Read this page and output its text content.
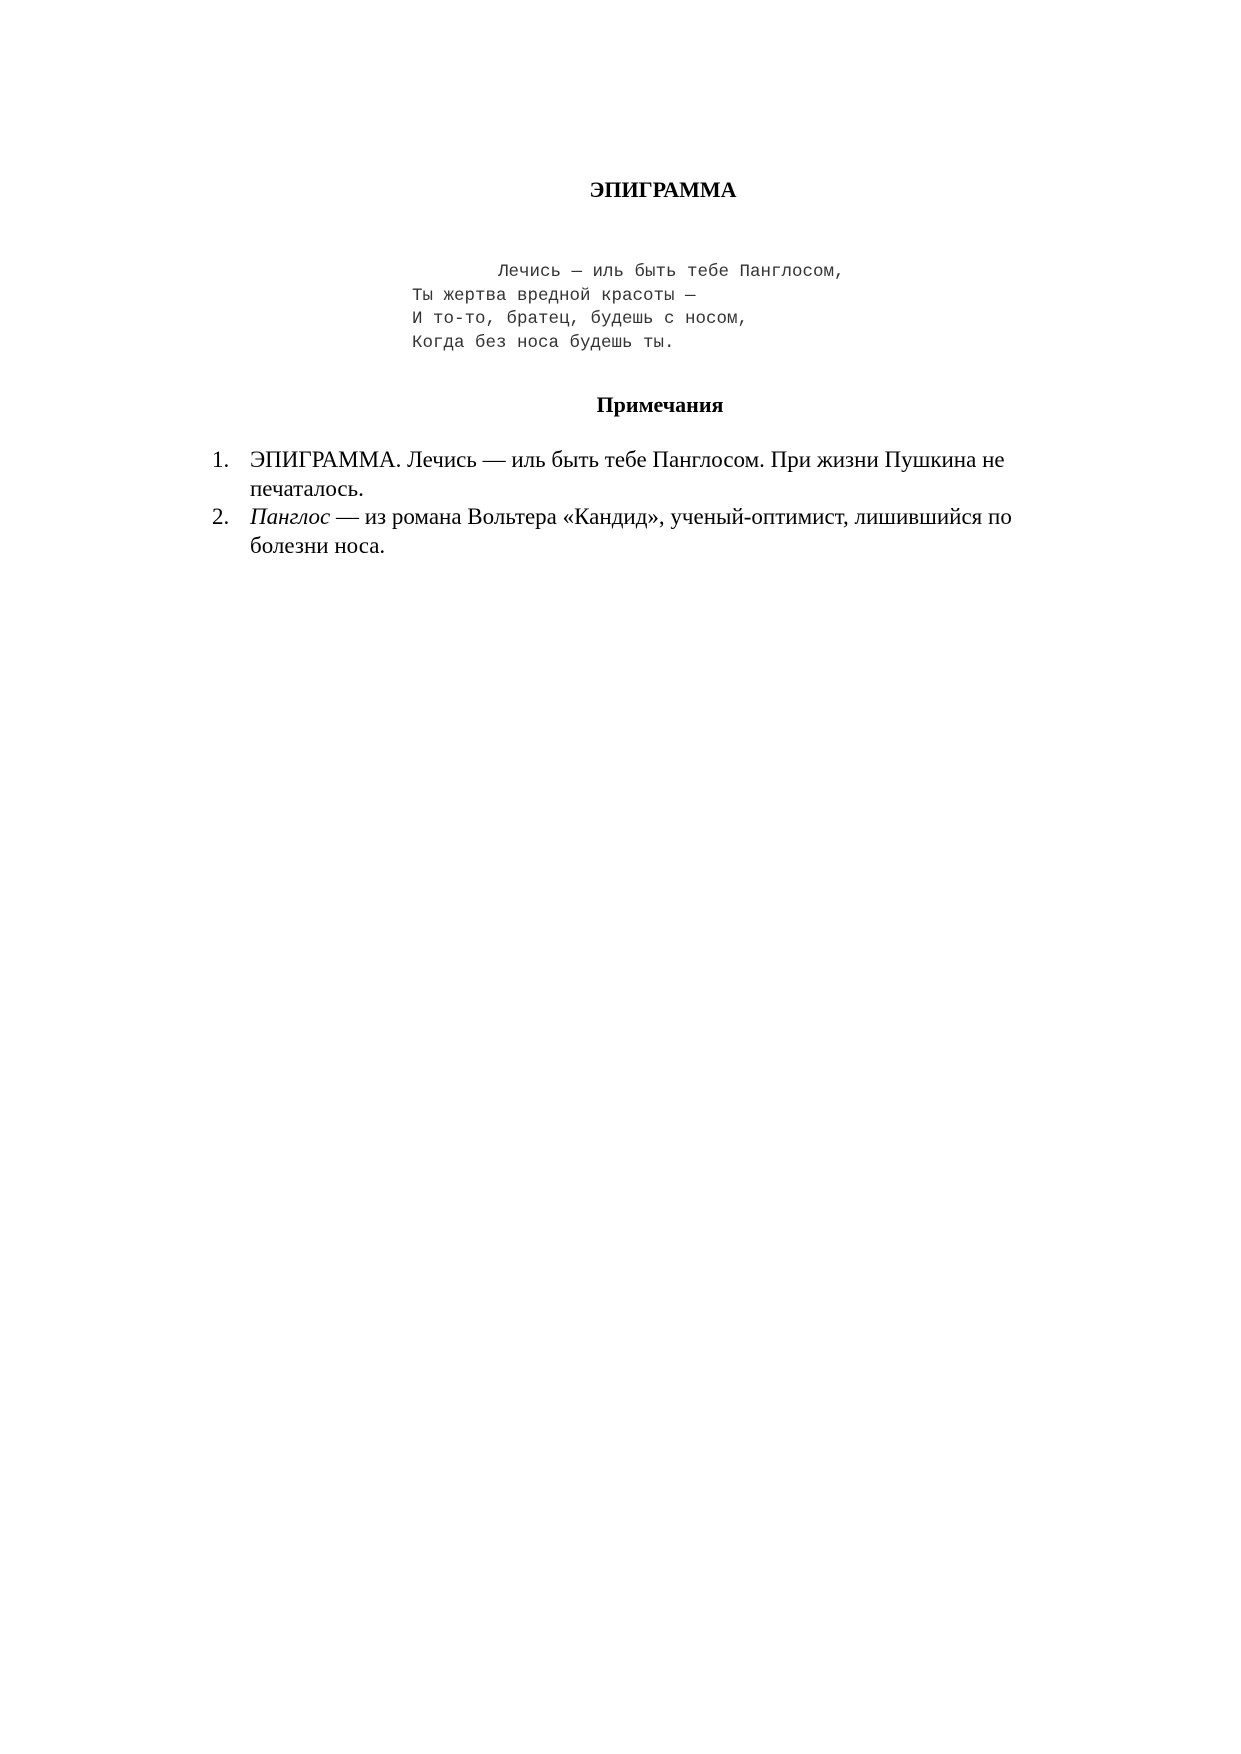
ЭПИГРАММА
Лечись — иль быть тебе Панглосом,
Ты жертва вредной красоты —
И то-то, братец, будешь с носом,
Когда без носа будешь ты.
Примечания
1. ЭПИГРАММА. Лечись — иль быть тебе Панглосом. При жизни Пушкина не
печаталось.
2. Панглос — из романа Вольтера «Кандид», ученый-оптимист, лишившийся по
болезни носа.
